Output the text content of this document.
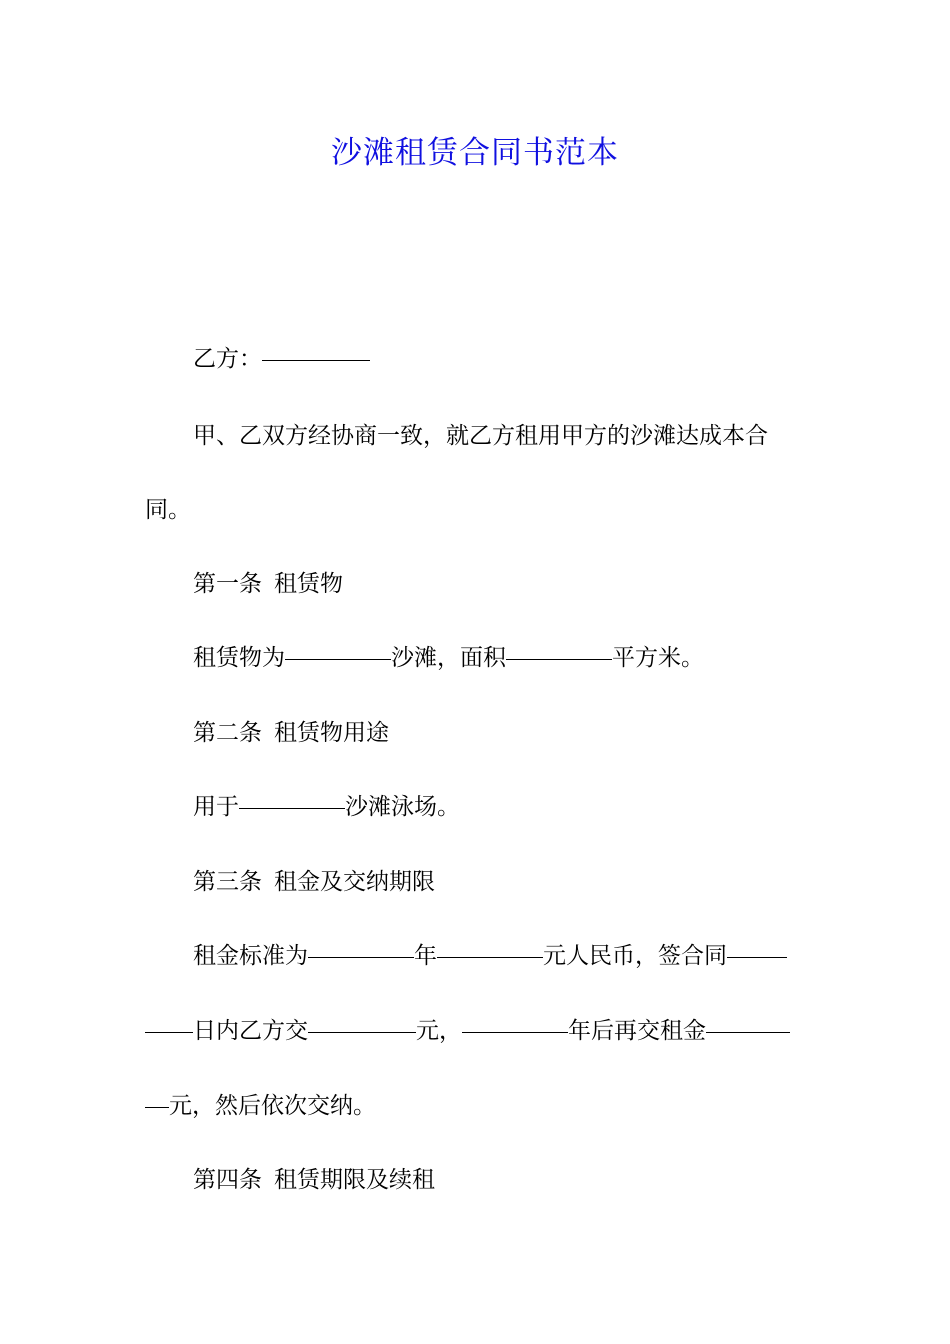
沙滩租赁合同书范本
乙方：
甲、乙双方经协商一致，就乙方租用甲方的沙滩达成本合
同。
第一条 租赁物
租赁物为	沙滩，面积	平方米。
第二条 租赁物用途
用于	沙滩泳场。
第三条 租金及交纳期限
租金标准为	年	元人民币，签合同
日内乙方交	元，	年后再交租金
元，然后依次交纳。
第四条 租赁期限及续租
